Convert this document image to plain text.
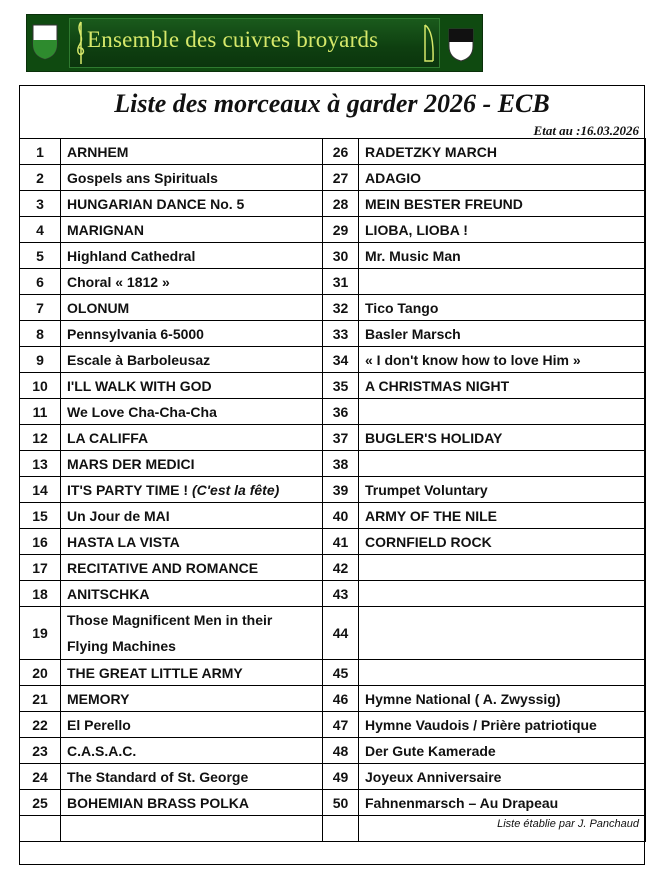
Ensemble des cuivres broyards
Liste des morceaux à garder 2026 - ECB
Etat au :16.03.2026
1	ARNHEM	26	RADETZKY MARCH
2	Gospels ans Spirituals	27	ADAGIO
3	HUNGARIAN DANCE No. 5	28	MEIN BESTER FREUND
4	MARIGNAN	29	LIOBA, LIOBA !
5	Highland Cathedral	30	Mr. Music Man
6	Choral « 1812 »	31	
7	OLONUM	32	Tico Tango
8	Pennsylvania 6-5000	33	Basler Marsch
9	Escale à Barboleusaz	34	« I don't know how to love Him »
10	I'LL WALK WITH GOD	35	A CHRISTMAS NIGHT
11	We Love Cha-Cha-Cha	36	
12	LA CALIFFA	37	BUGLER'S HOLIDAY
13	MARS DER MEDICI	38	
14	IT'S PARTY TIME ! (C'est la fête)	39	Trumpet Voluntary
15	Un Jour de MAI	40	ARMY OF THE NILE
16	HASTA LA VISTA	41	CORNFIELD ROCK
17	RECITATIVE AND ROMANCE	42	
18	ANITSCHKA	43	
19	Those Magnificent Men in their Flying Machines	44	
20	THE GREAT LITTLE ARMY	45	
21	MEMORY	46	Hymne National ( A. Zwyssig)
22	El Perello	47	Hymne Vaudois / Prière patriotique
23	C.A.S.A.C.	48	Der Gute Kamerade
24	The Standard of St. George	49	Joyeux Anniversaire
25	BOHEMIAN BRASS POLKA	50	Fahnenmarsch – Au Drapeau
			Liste établie par J. Panchaud
